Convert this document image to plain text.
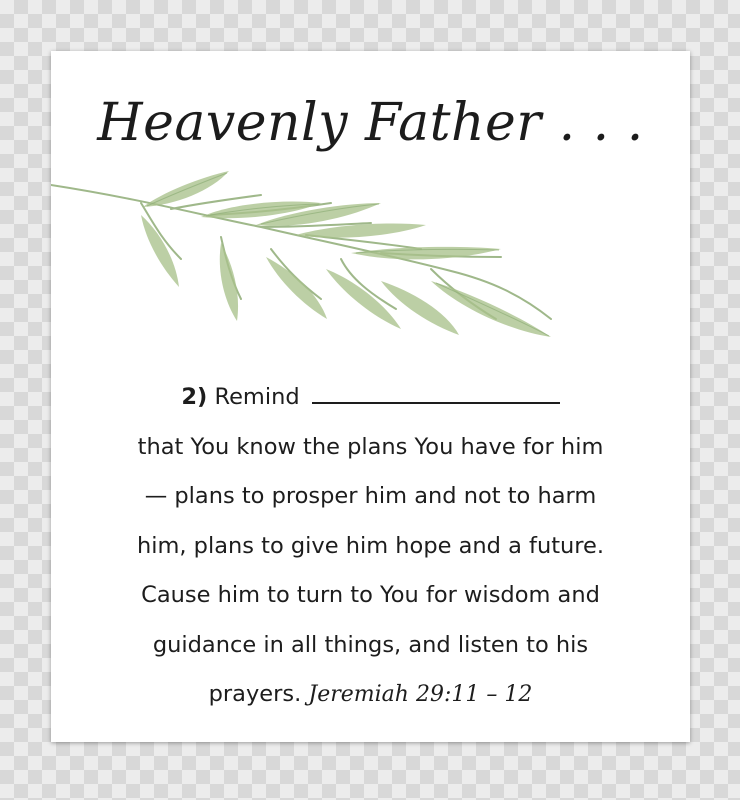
Heavenly Father . . .
2) Remind
that You know the plans You have for him
— plans to prosper him and not to harm
him, plans to give him hope and a future.
Cause him to turn to You for wisdom and
guidance in all things, and listen to his
prayers. Jeremiah 29:11 – 12
